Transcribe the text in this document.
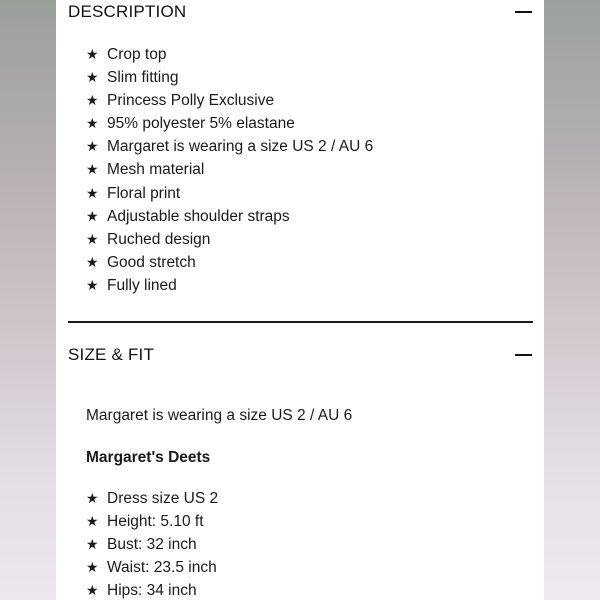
DESCRIPTION
★ Crop top
★ Slim fitting
★ Princess Polly Exclusive
★ 95% polyester 5% elastane
★ Margaret is wearing a size US 2 / AU 6
★ Mesh material
★ Floral print
★ Adjustable shoulder straps
★ Ruched design
★ Good stretch
★ Fully lined
SIZE & FIT
Margaret is wearing a size US 2 / AU 6
Margaret's Deets
★ Dress size US 2
★ Height: 5.10 ft
★ Bust: 32 inch
★ Waist: 23.5 inch
★ Hips: 34 inch
